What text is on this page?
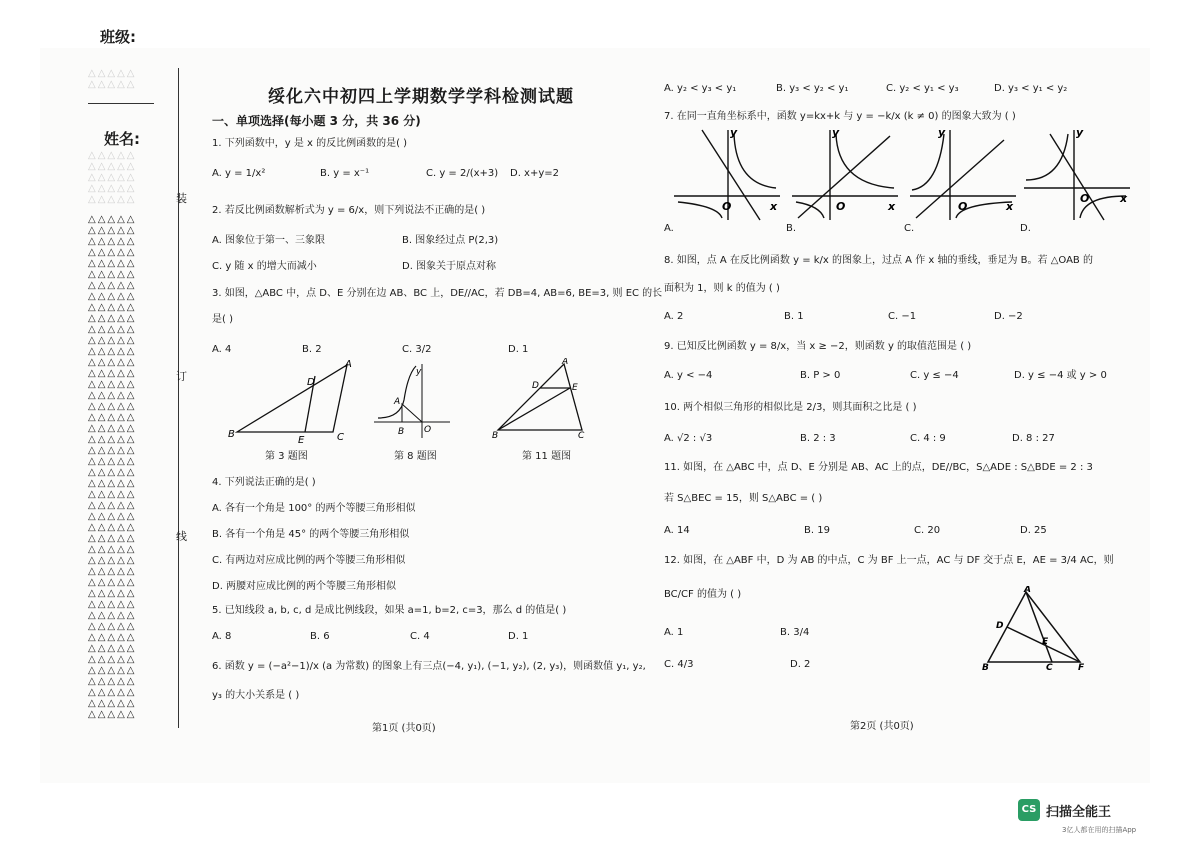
班级:
△△△△△
△△△△△
姓名:
△△△△△
△△△△△
△△△△△
△△△△△
△△△△△
△△△△△
△△△△△
△△△△△
△△△△△
△△△△△
△△△△△
△△△△△
△△△△△
△△△△△
△△△△△
△△△△△
△△△△△
△△△△△
△△△△△
△△△△△
△△△△△
△△△△△
△△△△△
△△△△△
△△△△△
△△△△△
△△△△△
△△△△△
△△△△△
△△△△△
△△△△△
△△△△△
△△△△△
△△△△△
△△△△△
△△△△△
△△△△△
△△△△△
△△△△△
△△△△△
△△△△△
△△△△△
△△△△△
△△△△△
△△△△△
△△△△△
△△△△△
△△△△△
△△△△△
△△△△△
△△△△△
装
订
线
绥化六中初四上学期数学学科检测试题
一、单项选择(每小题 3 分，共 36 分)
1. 下列函数中，y 是 x 的反比例函数的是( )
A. y = 1/x²	B. y = x⁻¹	C. y = 2/(x+3) D. x+y=2
2. 若反比例函数解析式为 y = 6/x，则下列说法不正确的是( )
A. 图象位于第一、三象限	B. 图象经过点 P(2,3)
C. y 随 x 的增大而减小	D. 图象关于原点对称
3. 如图，△ABC 中，点 D、E 分别在边 AB、BC 上，DE//AC，若 DB=4, AB=6, BE=3, 则 EC 的长
是( )
A. 4	B. 2	C. 3/2	D. 1
B
A
D
E	C
y
A
B O
B
A
D	E
C
第 3 题图	第 8 题图	第 11 题图
4. 下列说法正确的是( )
A. 各有一个角是 100° 的两个等腰三角形相似
B. 各有一个角是 45° 的两个等腰三角形相似
C. 有两边对应成比例的两个等腰三角形相似
D. 两腰对应成比例的两个等腰三角形相似
5. 已知线段 a, b, c, d 是成比例线段，如果 a=1, b=2, c=3，那么 d 的值是( )
A. 8	B. 6	C. 4	D. 1
6. 函数 y = (−a²−1)/x (a 为常数) 的图象上有三点(−4, y₁), (−1, y₂), (2, y₃)，则函数值 y₁, y₂,
y₃ 的大小关系是 ( )
第1页 (共0页)
A. y₂ < y₃ < y₁	B. y₃ < y₂ < y₁	C. y₂ < y₁ < y₃	D. y₃ < y₁ < y₂
7. 在同一直角坐标系中，函数 y=kx+k 与 y = −k/x (k ≠ 0) 的图象大致为 ( )
y
O	x
y
O	x
y
O	x
y
O	x
A.	B.	C.	D.
8. 如图，点 A 在反比例函数 y = k/x 的图象上，过点 A 作 x 轴的垂线，垂足为 B。若 △OAB 的
面积为 1，则 k 的值为 ( )
A. 2	B. 1	C. −1	D. −2
9. 已知反比例函数 y = 8/x，当 x ≥ −2，则函数 y 的取值范围是 ( )
A. y < −4	B. P > 0	C. y ≤ −4	D. y ≤ −4 或 y > 0
10. 两个相似三角形的相似比是 2/3，则其面积之比是 ( )
A. √2 : √3	B. 2 : 3	C. 4 : 9	D. 8 : 27
11. 如图，在 △ABC 中，点 D、E 分别是 AB、AC 上的点，DE//BC，S△ADE : S△BDE = 2 : 3
若 S△BEC = 15，则 S△ABC = ( )
A. 14	B. 19	C. 20	D. 25
12. 如图，在 △ABF 中，D 为 AB 的中点，C 为 BF 上一点，AC 与 DF 交于点 E，AE = 3/4 AC，则
BC/CF 的值为 ( )
A. 1	B. 3/4
C. 4/3	D. 2	B
A
D
E
C	F
第2页 (共0页)
CS 扫描全能王
3亿人都在用的扫描App
